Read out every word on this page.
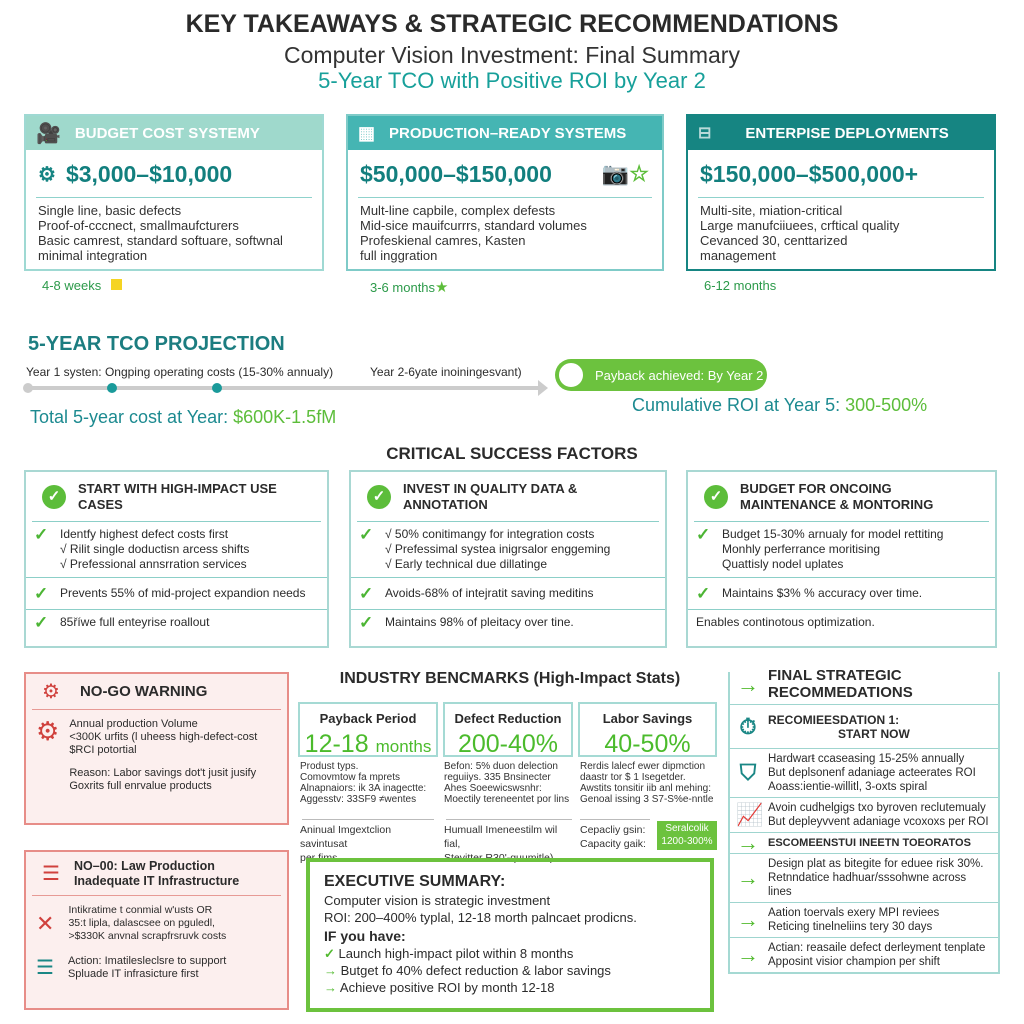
KEY TAKEAWAYS & STRATEGIC RECOMMENDATIONS
Computer Vision Investment: Final Summary
5-Year TCO with Positive ROI by Year 2
🎥 BUDGET COST SYSTEMY
⚙ $3,000–$10,000
Single line, basic defects
Proof-of-cccnect, smallmaufcturers
Basic camrest, standard softuare, softwnal
minimal integration
4-8 weeks
▦ PRODUCTION–READY SYSTEMS
$50,000–$150,000 📷☆
Mult-line capbile, complex defests
Mid-sice mauifcurrrs, standard volumes
Profeskienal camres, Kasten
full inggration
3-6 months★
⊟ ENTERPISE DEPLOYMENTS
$150,000–$500,000+
Multi-site, miation-critical
Large manufciiuees, crftical quality
Cevanced 30, centtarized
management
6-12 months
5-YEAR TCO PROJECTION
Year 1 systen: Ongping operating costs (15-30% annualy)	Year 2-6yate inoiningesvant)	Payback achieved: By Year 2
Cumulative ROI at Year 5: 300-500%
Total 5-year cost at Year: $600K-1.5fM
CRITICAL SUCCESS FACTORS
✓	START WITH HIGH-IMPACT USE CASES
✓ Identfy highest defect costs first
√ Rilit single doductisn arcess shifts
√ Prefessional annsrration services
✓ Prevents 55% of mid-project expandion needs
✓ 85říwe full enteyrise roallout
✓	INVEST IN QUALITY DATA & ANNOTATION
✓ √ 50% conitimangy for integration costs
√ Prefessimal systea inigrsalor enggeming
√ Early technical due dillatinge
✓ Avoids-68% of intejratit saving meditins
✓ Maintains 98% of pleitacy over tine.
✓	BUDGET FOR ONCOING MAINTENANCE & MONTORING
✓ Budget 15-30% arnualy for model rettiting
Monhly perferrance moritising
Quattisly nodel uplates
✓ Maintains $3% % accuracy over time.
Enables continotous optimization.
⚙ NO-GO WARNING
⚙ Annual production Volume
<300K urfits (l uheess high-defect-cost
$RCI potortial
Reason: Labor savings dot't jusit jusify
Goxrits full enrvalue products
☰ NO–00: Law Production
Inadequate IT Infrastructure
✕
Intikratime t conmial w'usts OR
35:t lipla, dalascsee on pguledl,
>$330K anvnal scrapfrsruvk costs
☰ Action: Imatilesleclsre to support
Spluade IT infrasicture first
INDUSTRY BENCMARKS (High-Impact Stats)
Payback Period
12-18 months
Defect Reduction
200-40%
Labor Savings
40-50%
Produst typs.
Comovmtow fa mprets
Alnapnaiors: ik 3A inagectte:
Aggesstv: 33SF9 ≠wentes
Befon: 5% duon delection
reguiiys. 335 Bnsinecter
Ahes Soeewicswsnhr:
Moectily tereneentet por lins
Rerdis lalecf ewer dipmction
daastr tor $ 1 Isegetder.
Awstits tonsitir iib anl mehing:
Genoal issing 3 S7-S%e-nntle
Aninual Imgextclion savintusat
per fims
Humuall Imeneestilm wil fial,
Stevitter R30'-quumitle)
Cepacliy gsin:
Capacity gaik:
Seralcolik
1200-300%
EXECUTIVE SUMMARY:
Computer vision is strategic investment
ROI: 200–400% typlal, 12-18 morth palncaet prodicns.
IF you have:
✓ Launch high-impact pilot within 8 months
→ Butget fo 40% defect reduction & labor savings
→ Achieve positive ROI by month 12-18
→ FINAL STRATEGIC
RECOMMEDATIONS
⏱ RECOMIEESDATION 1:
START NOW
⛉
Hardwarŧ ccaseasing 15-25% annually
But deplsonenf adaniage acteerates ROI
Aoass:ientie-willitl, 3-oxts spiral
📈 Avoin cudhelgigs txo byroven reclutemualy
But depleyvvent adaniage vcoxoxs per ROI
→ ESCOMEENSTUI INEETN TOEORATOS
→
Design plat as bitegite for eduee risk 30%.
Retnndatice hadhuar/sssohwne across lines
→ Aation toervals exery MPI reviees
Reticing tinelneliins tery 30 days
→ Actian: reasaile defect derleyment tenplate
Apposint visior champion per shift
